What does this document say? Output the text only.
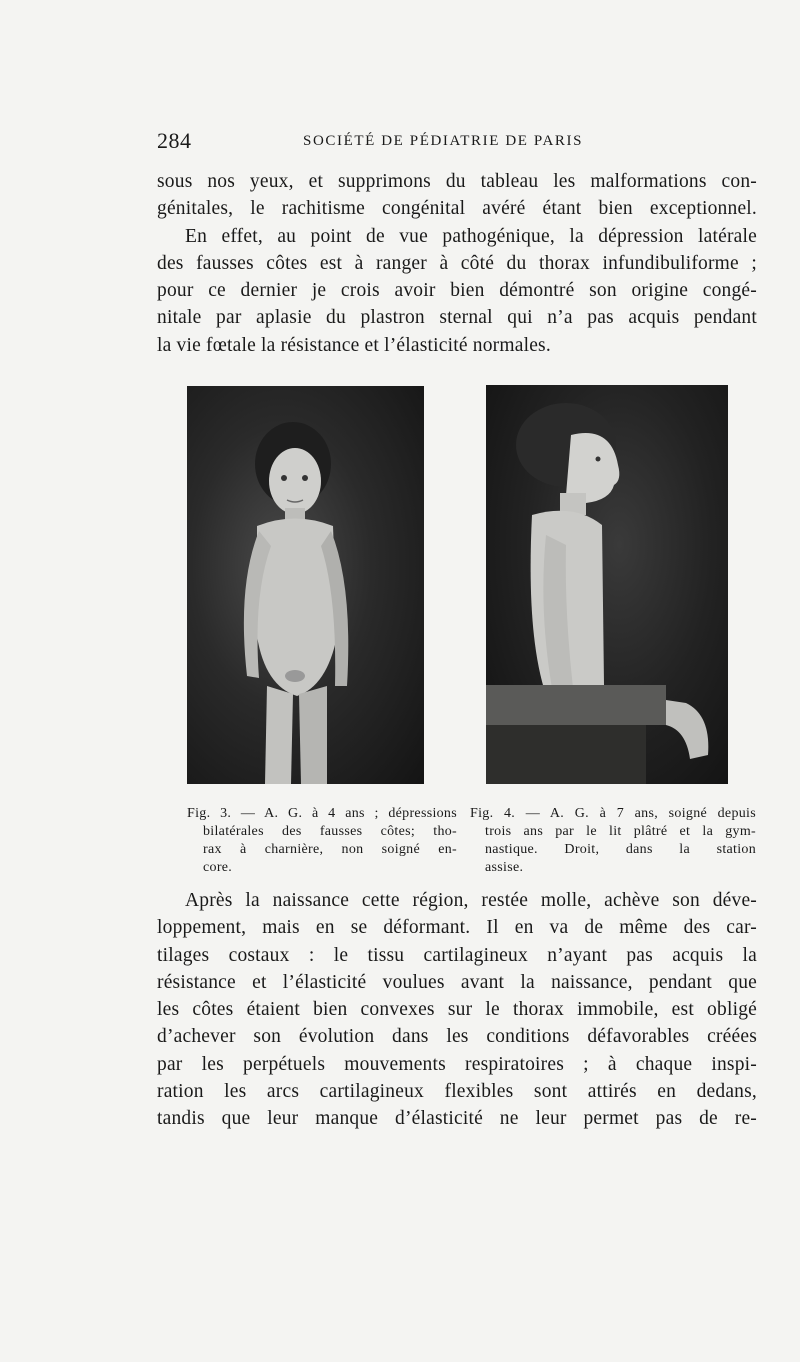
284	SOCIÉTÉ DE PÉDIATRIE DE PARIS
sous nos yeux, et supprimons du tableau les malformations con-
génitales, le rachitisme congénital avéré étant bien exceptionnel.
En effet, au point de vue pathogénique, la dépression latérale
des fausses côtes est à ranger à côté du thorax infundibuliforme ;
pour ce dernier je crois avoir bien démontré son origine congé-
nitale par aplasie du plastron sternal qui n’a pas acquis pendant
la vie fœtale la résistance et l’élasticité normales.
Fig. 3. — A. G. à 4 ans ; dépressions
bilatérales des fausses côtes; tho-
rax à charnière, non soigné en-
core.
Fig. 4. — A. G. à 7 ans, soigné depuis
trois ans par le lit plâtré et la gym-
nastique. Droit, dans la station
assise.
Après la naissance cette région, restée molle, achève son déve-
loppement, mais en se déformant. Il en va de même des car-
tilages costaux : le tissu cartilagineux n’ayant pas acquis la
résistance et l’élasticité voulues avant la naissance, pendant que
les côtes étaient bien convexes sur le thorax immobile, est obligé
d’achever son évolution dans les conditions défavorables créées
par les perpétuels mouvements respiratoires ; à chaque inspi-
ration les arcs cartilagineux flexibles sont attirés en dedans,
tandis que leur manque d’élasticité ne leur permet pas de re-
